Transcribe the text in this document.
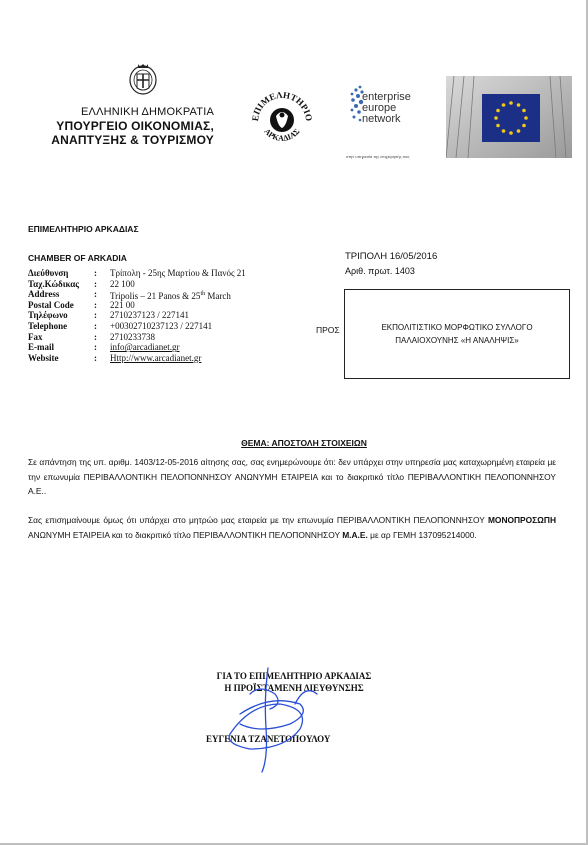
ΕΛΛΗΝΙΚΗ ΔΗΜΟΚΡΑΤΙΑ
ΥΠΟΥΡΓΕΙΟ ΟΙΚΟΝΟΜΙΑΣ,
ΑΝΑΠΤΥΞΗΣ & ΤΟΥΡΙΣΜΟΥ
ΕΠΙΜΕΛΗΤΗΡΙΟ
ΑΡΚΑΔΙΑΣ
enterprise
europe
network
στην υπηρεσία της επιχείρησής σας
ΕΠΙΜΕΛΗΤΗΡΙΟ ΑΡΚΑΔΙΑΣ
CHAMBER OF ARKADIA
Διεύθυνση	:	Τρίπολη - 25ης Μαρτίου & Πανός 21
Ταχ.Κώδικας	:	22 100
Address	:	Tripolis – 21 Panos & 25th March
Postal Code	:	221 00
Τηλέφωνο	:	2710237123 / 227141
Telephone	:	+00302710237123 / 227141
Fax	:	2710233738
E-mail	:	info@arcadianet.gr
Website	:	Http://www.arcadianet.gr
ΤΡΙΠΟΛΗ 16/05/2016
Αριθ. πρωτ. 1403
ΠΡΟΣ	ΕΚΠΟΛΙΤΙΣΤΙΚΟ ΜΟΡΦΩΤΙΚΟ ΣΥΛΛΟΓΟ
ΠΑΛΑΙΟΧΟΥΝΗΣ «Η ΑΝΑΛΗΨΙΣ»
ΘΕΜΑ: ΑΠΟΣΤΟΛΗ ΣΤΟΙΧΕΙΩΝ
Σε απάντηση της υπ. αριθμ. 1403/12-05-2016 αίτησης σας, σας ενημερώνουμε ότι: δεν υπάρχει στην υπηρεσία μας καταχωρημένη εταιρεία με την επωνυμία ΠΕΡΙΒΑΛΛΟΝΤΙΚΗ ΠΕΛΟΠΟΝΝΗΣΟΥ ΑΝΩΝΥΜΗ ΕΤΑΙΡΕΙΑ και το διακριτικό τίτλο ΠΕΡΙΒΑΛΛΟΝΤΙΚΗ ΠΕΛΟΠΟΝΝΗΣΟΥ Α.Ε..
Σας επισημαίνουμε όμως ότι υπάρχει στο μητρώο μας εταιρεία με την επωνυμία ΠΕΡΙΒΑΛΛΟΝΤΙΚΗ ΠΕΛΟΠΟΝΝΗΣΟΥ ΜΟΝΟΠΡΟΣΩΠΗ ΑΝΩΝΥΜΗ ΕΤΑΙΡΕΙΑ και το διακριτικό τίτλο ΠΕΡΙΒΑΛΛΟΝΤΙΚΗ ΠΕΛΟΠΟΝΝΗΣΟΥ Μ.Α.Ε. με αρ ΓΕΜΗ 137095214000.
ΓΙΑ ΤΟ ΕΠΙΜΕΛΗΤΗΡΙΟ ΑΡΚΑΔΙΑΣ
Η ΠΡΟΪΣΤΑΜΕΝΗ ΔΙΕΥΘΥΝΣΗΣ
ΕΥΓΕΝΙΑ ΤΖΑΝΕΤΟΠΟΥΛΟΥ
